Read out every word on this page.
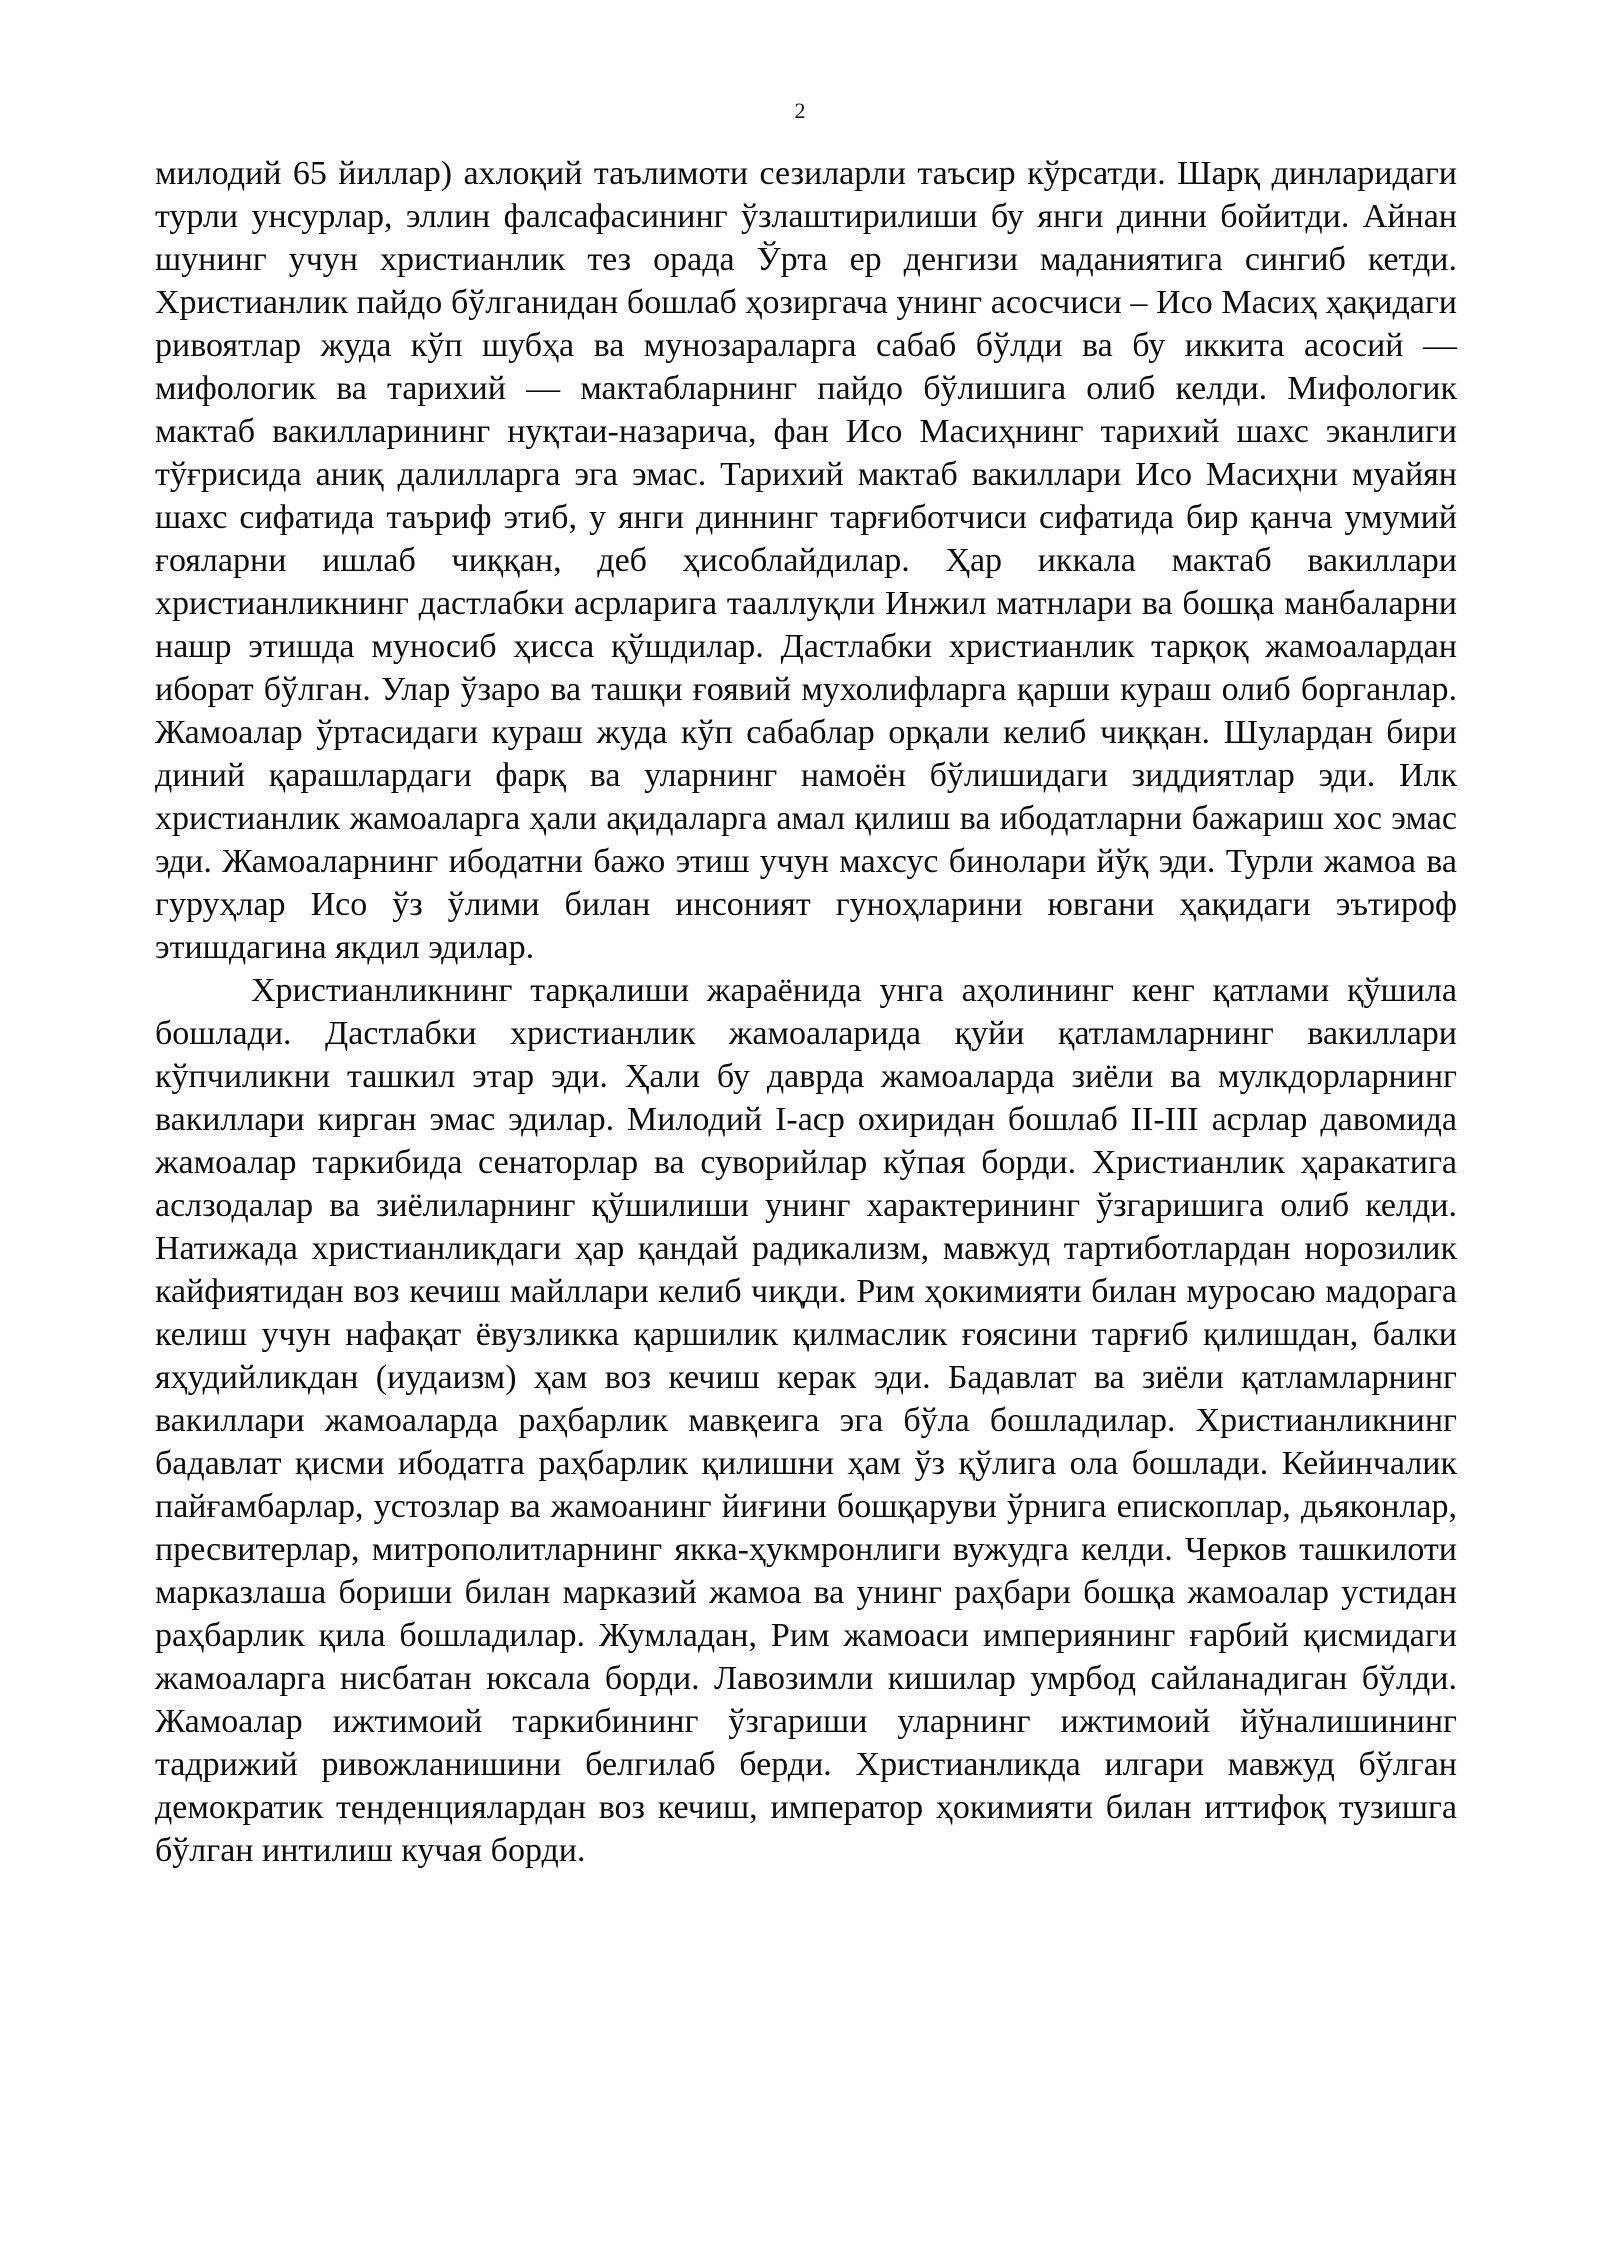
2

милодий 65 йиллар) ахлоқий таълимоти сезиларли таъсир кўрсатди. Шарқ динларидаги турли унсурлар, эллин фалсафасининг ўзлаштирилиши бу янги динни бойитди. Айнан шунинг учун христианлик тез орада Ўрта ер денгизи маданиятига сингиб кетди. Христианлик пайдо бўлганидан бошлаб ҳозиргача унинг асосчиси – Исо Масиҳ ҳақидаги ривоятлар жуда кўп шубҳа ва мунозараларга сабаб бўлди ва бу иккита асосий — мифологик ва тарихий — мактабларнинг пайдо бўлишига олиб келди. Мифологик мактаб вакилларининг нуқтаи-назарича, фан Исо Масиҳнинг тарихий шахс эканлиги тўғрисида аниқ далилларга эга эмас. Тарихий мактаб вакиллари Исо Масиҳни муайян шахс сифатида таъриф этиб, у янги диннинг тарғиботчиси сифатида бир қанча умумий ғояларни ишлаб чиққан, деб ҳисоблайдилар. Ҳар иккала мактаб вакиллари христианликнинг дастлабки асрларига тааллуқли Инжил матнлари ва бошқа манбаларни нашр этишда муносиб ҳисса қўшдилар. Дастлабки христианлик тарқоқ жамоалардан иборат бўлган. Улар ўзаро ва ташқи ғоявий мухолифларга қарши кураш олиб борганлар. Жамоалар ўртасидаги кураш жуда кўп сабаблар орқали келиб чиққан. Шулардан бири диний қарашлардаги фарқ ва уларнинг намоён бўлишидаги зиддиятлар эди. Илк христианлик жамоаларга ҳали ақидаларга амал қилиш ва ибодатларни бажариш хос эмас эди. Жамоаларнинг ибодатни бажо этиш учун махсус бинолари йўқ эди. Турли жамоа ва гуруҳлар Исо ўз ўлими билан инсоният гуноҳларини ювгани ҳақидаги эътироф этишдагина якдил эдилар.

Христианликнинг тарқалиши жараёнида унга аҳолининг кенг қатлами қўшила бошлади. Дастлабки христианлик жамоаларида қуйи қатламларнинг вакиллари кўпчиликни ташкил этар эди. Ҳали бу даврда жамоаларда зиёли ва мулкдорларнинг вакиллари кирган эмас эдилар. Милодий I-аср охиридан бошлаб II-III асрлар давомида жамоалар таркибида сенаторлар ва суворийлар кўпая борди. Христианлик ҳаракатига аслзодалар ва зиёлиларнинг қўшилиши унинг характерининг ўзгаришига олиб келди. Натижада христианликдаги ҳар қандай радикализм, мавжуд тартиботлардан норозилик кайфиятидан воз кечиш майллари келиб чиқди. Рим ҳокимияти билан муросаю мадорага келиш учун нафақат ёвузликка қаршилик қилмаслик ғоясини тарғиб қилишдан, балки яҳудийликдан (иудаизм) ҳам воз кечиш керак эди. Бадавлат ва зиёли қатламларнинг вакиллари жамоаларда раҳбарлик мавқеига эга бўла бошладилар. Христианликнинг бадавлат қисми ибодатга раҳбарлик қилишни ҳам ўз қўлига ола бошлади. Кейинчалик пайғамбарлар, устозлар ва жамоанинг йиғини бошқаруви ўрнига епископлар, дьяконлар, пресвитерлар, митрополитларнинг якка-ҳукмронлиги вужудга келди. Черков ташкилоти марказлаша бориши билан марказий жамоа ва унинг раҳбари бошқа жамоалар устидан раҳбарлик қила бошладилар. Жумладан, Рим жамоаси империянинг ғарбий қисмидаги жамоаларга нисбатан юксала борди. Лавозимли кишилар умрбод сайланадиган бўлди. Жамоалар ижтимоий таркибининг ўзгариши уларнинг ижтимоий йўналишининг тадрижий ривожланишини белгилаб берди. Христианликда илгари мавжуд бўлган демократик тенденциялардан воз кечиш, император ҳокимияти билан иттифоқ тузишга бўлган интилиш кучая борди.
